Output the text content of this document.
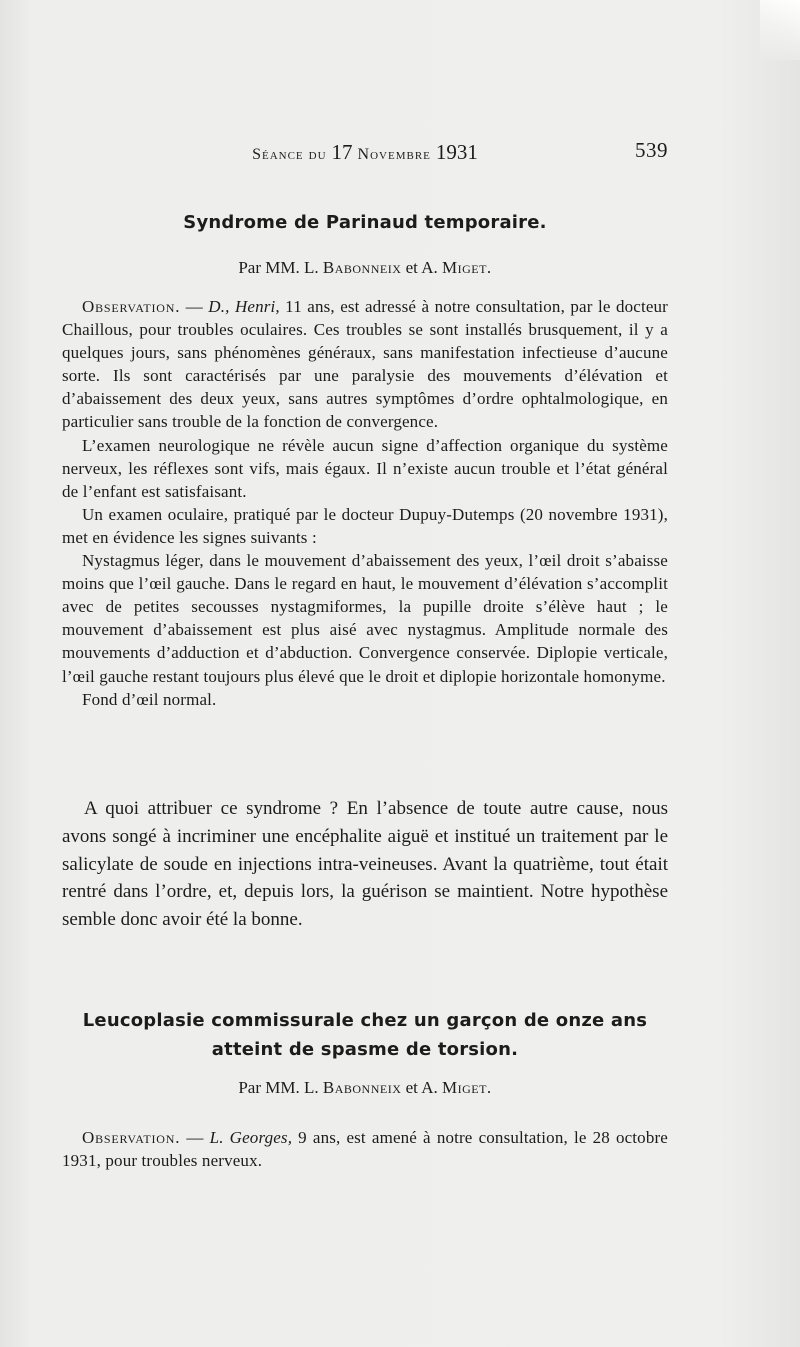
Séance du 17 Novembre 1931	539
Syndrome de Parinaud temporaire.
Par MM. L. Babonneix et A. Miget.

Observation. — D., Henri, 11 ans, est adressé à notre consultation, par le docteur Chaillous, pour troubles oculaires. Ces troubles se sont installés brusquement, il y a quelques jours, sans phénomènes généraux, sans manifestation infectieuse d’aucune sorte. Ils sont caractérisés par une paralysie des mouvements d’élévation et d’abaissement des deux yeux, sans autres symptômes d’ordre ophtalmologique, en particulier sans trouble de la fonction de convergence.

L’examen neurologique ne révèle aucun signe d’affection organique du système nerveux, les réflexes sont vifs, mais égaux. Il n’existe aucun trouble et l’état général de l’enfant est satisfaisant.

Un examen oculaire, pratiqué par le docteur Dupuy-Dutemps (20 novembre 1931), met en évidence les signes suivants :

Nystagmus léger, dans le mouvement d’abaissement des yeux, l’œil droit s’abaisse moins que l’œil gauche. Dans le regard en haut, le mouvement d’élévation s’accomplit avec de petites secousses nystagmiformes, la pupille droite s’élève haut ; le mouvement d’abaissement est plus aisé avec nystagmus. Amplitude normale des mouvements d’adduction et d’abduction. Convergence conservée. Diplopie verticale, l’œil gauche restant toujours plus élevé que le droit et diplopie horizontale homonyme.

Fond d’œil normal.

A quoi attribuer ce syndrome ? En l’absence de toute autre cause, nous avons songé à incriminer une encéphalite aiguë et institué un traitement par le salicylate de soude en injections intra-veineuses. Avant la quatrième, tout était rentré dans l’ordre, et, depuis lors, la guérison se maintient. Notre hypothèse semble donc avoir été la bonne.

Leucoplasie commissurale chez un garçon de onze ans
atteint de spasme de torsion.
Par MM. L. Babonneix et A. Miget.

Observation. — L. Georges, 9 ans, est amené à notre consultation, le 28 octobre 1931, pour troubles nerveux.
